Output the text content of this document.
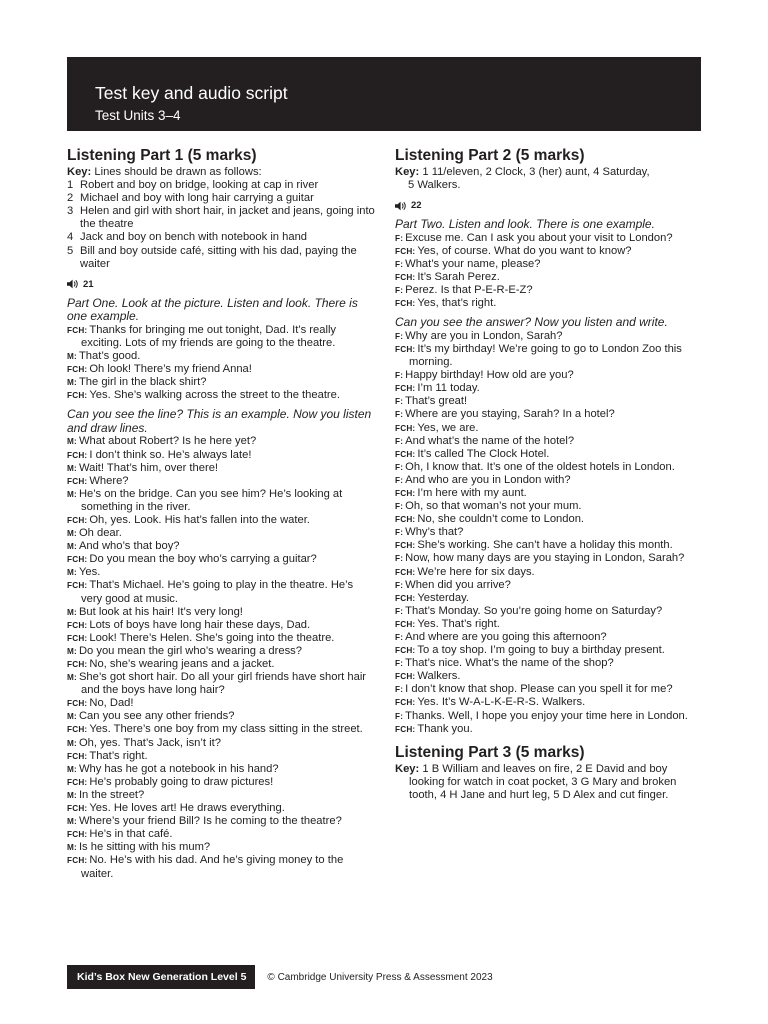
Test key and audio script
Test Units 3–4
Listening Part 1 (5 marks)
Key: Lines should be drawn as follows:
1 Robert and boy on bridge, looking at cap in river
2 Michael and boy with long hair carrying a guitar
3 Helen and girl with short hair, in jacket and jeans, going into the theatre
4 Jack and boy on bench with notebook in hand
5 Bill and boy outside café, sitting with his dad, paying the waiter
21
Part One. Look at the picture. Listen and look. There is one example.
FCH: Thanks for bringing me out tonight, Dad. It’s really exciting. Lots of my friends are going to the theatre.
M: That’s good.
FCH: Oh look! There’s my friend Anna!
M: The girl in the black shirt?
FCH: Yes. She’s walking across the street to the theatre.
Can you see the line? This is an example. Now you listen and draw lines.
M: What about Robert? Is he here yet?
FCH: I don’t think so. He’s always late!
M: Wait! That’s him, over there!
FCH: Where?
M: He’s on the bridge. Can you see him? He’s looking at something in the river.
FCH: Oh, yes. Look. His hat’s fallen into the water.
M: Oh dear.
M: And who’s that boy?
FCH: Do you mean the boy who’s carrying a guitar?
M: Yes.
FCH: That’s Michael. He’s going to play in the theatre. He’s very good at music.
M: But look at his hair! It’s very long!
FCH: Lots of boys have long hair these days, Dad.
FCH: Look! There’s Helen. She’s going into the theatre.
M: Do you mean the girl who’s wearing a dress?
FCH: No, she’s wearing jeans and a jacket.
M: She’s got short hair. Do all your girl friends have short hair and the boys have long hair?
FCH: No, Dad!
M: Can you see any other friends?
FCH: Yes. There’s one boy from my class sitting in the street.
M: Oh, yes. That’s Jack, isn’t it?
FCH: That’s right.
M: Why has he got a notebook in his hand?
FCH: He’s probably going to draw pictures!
M: In the street?
FCH: Yes. He loves art! He draws everything.
M: Where’s your friend Bill? Is he coming to the theatre?
FCH: He’s in that café.
M: Is he sitting with his mum?
FCH: No. He’s with his dad. And he’s giving money to the waiter.
Listening Part 2 (5 marks)
Key: 1 11/eleven, 2 Clock, 3 (her) aunt, 4 Saturday,
5 Walkers.
22
Part Two. Listen and look. There is one example.
F: Excuse me. Can I ask you about your visit to London?
FCH: Yes, of course. What do you want to know?
F: What’s your name, please?
FCH: It’s Sarah Perez.
F: Perez. Is that P-E-R-E-Z?
FCH: Yes, that’s right.
Can you see the answer? Now you listen and write.
F: Why are you in London, Sarah?
FCH: It’s my birthday! We’re going to go to London Zoo this morning.
F: Happy birthday! How old are you?
FCH: I’m 11 today.
F: That’s great!
F: Where are you staying, Sarah? In a hotel?
FCH: Yes, we are.
F: And what’s the name of the hotel?
FCH: It’s called The Clock Hotel.
F: Oh, I know that. It’s one of the oldest hotels in London.
F: And who are you in London with?
FCH: I’m here with my aunt.
F: Oh, so that woman’s not your mum.
FCH: No, she couldn’t come to London.
F: Why’s that?
FCH: She’s working. She can’t have a holiday this month.
F: Now, how many days are you staying in London, Sarah?
FCH: We’re here for six days.
F: When did you arrive?
FCH: Yesterday.
F: That’s Monday. So you’re going home on Saturday?
FCH: Yes. That’s right.
F: And where are you going this afternoon?
FCH: To a toy shop. I’m going to buy a birthday present.
F: That’s nice. What’s the name of the shop?
FCH: Walkers.
F: I don’t know that shop. Please can you spell it for me?
FCH: Yes. It’s W-A-L-K-E-R-S. Walkers.
F: Thanks. Well, I hope you enjoy your time here in London.
FCH: Thank you.
Listening Part 3 (5 marks)
Key: 1 B William and leaves on fire, 2 E David and boy looking for watch in coat pocket, 3 G Mary and broken tooth, 4 H Jane and hurt leg, 5 D Alex and cut finger.
Kid’s Box New Generation Level 5	© Cambridge University Press & Assessment 2023
